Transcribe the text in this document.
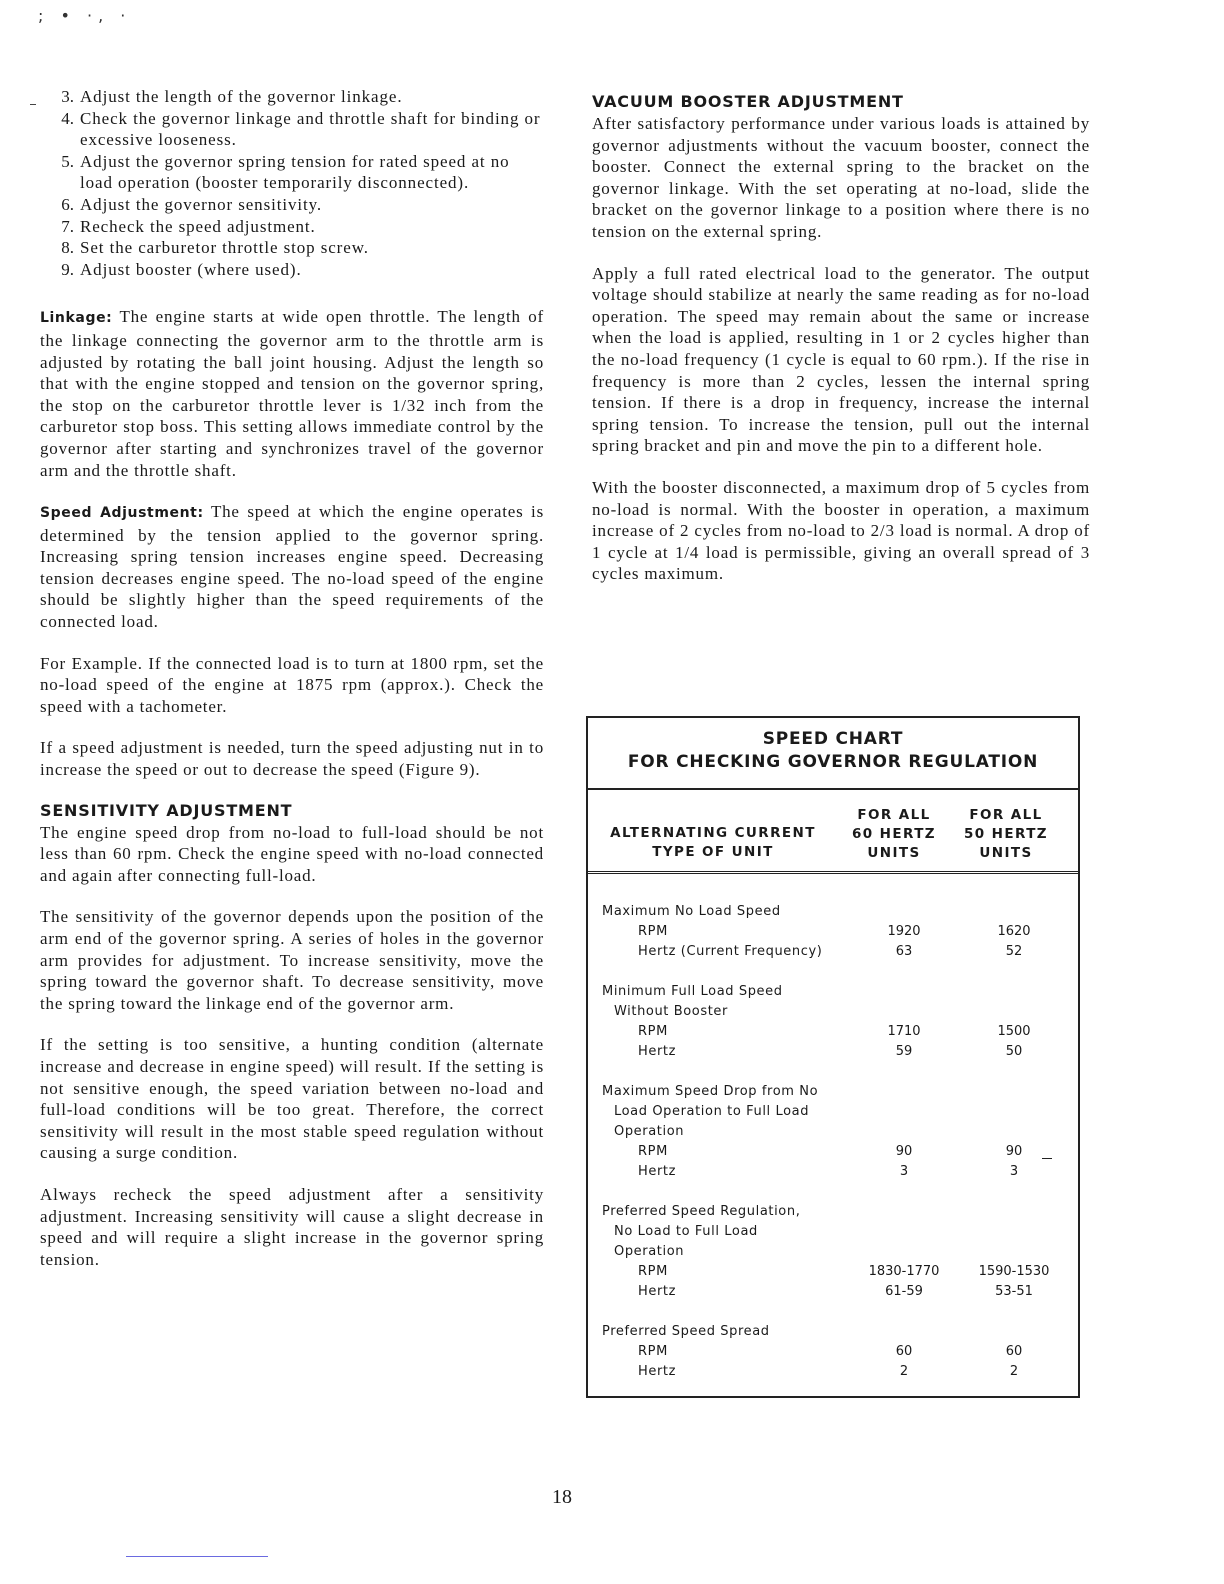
; • ·, ·
3. Adjust the length of the governor linkage.
4. Check the governor linkage and throttle shaft for binding or excessive looseness.
5. Adjust the governor spring tension for rated speed at no load operation (booster temporarily disconnected).
6. Adjust the governor sensitivity.
7. Recheck the speed adjustment.
8. Set the carburetor throttle stop screw.
9. Adjust booster (where used).

Linkage: The engine starts at wide open throttle. The length of the linkage connecting the governor arm to the throttle arm is adjusted by rotating the ball joint housing. Adjust the length so that with the engine stopped and tension on the governor spring, the stop on the carburetor throttle lever is 1/32 inch from the carburetor stop boss. This setting allows immediate control by the governor after starting and synchronizes travel of the governor arm and the throttle shaft.

Speed Adjustment: The speed at which the engine operates is determined by the tension applied to the governor spring. Increasing spring tension increases engine speed. Decreasing tension decreases engine speed. The no-load speed of the engine should be slightly higher than the speed requirements of the connected load.

For Example. If the connected load is to turn at 1800 rpm, set the no-load speed of the engine at 1875 rpm (approx.). Check the speed with a tachometer.

If a speed adjustment is needed, turn the speed adjusting nut in to increase the speed or out to decrease the speed (Figure 9).

SENSITIVITY ADJUSTMENT

The engine speed drop from no-load to full-load should be not less than 60 rpm. Check the engine speed with no-load connected and again after connecting full-load.

The sensitivity of the governor depends upon the position of the arm end of the governor spring. A series of holes in the governor arm provides for adjustment. To increase sensitivity, move the spring toward the governor shaft. To decrease sensitivity, move the spring toward the linkage end of the governor arm.

If the setting is too sensitive, a hunting condition (alternate increase and decrease in engine speed) will result. If the setting is not sensitive enough, the speed variation between no-load and full-load conditions will be too great. Therefore, the correct sensitivity will result in the most stable speed regulation without causing a surge condition.

Always recheck the speed adjustment after a sensitivity adjustment. Increasing sensitivity will cause a slight decrease in speed and will require a slight increase in the governor spring tension.

VACUUM BOOSTER ADJUSTMENT

After satisfactory performance under various loads is attained by governor adjustments without the vacuum booster, connect the booster. Connect the external spring to the bracket on the governor linkage. With the set operating at no-load, slide the bracket on the governor linkage to a position where there is no tension on the external spring.

Apply a full rated electrical load to the generator. The output voltage should stabilize at nearly the same reading as for no-load operation. The speed may remain about the same or increase when the load is applied, resulting in 1 or 2 cycles higher than the no-load frequency (1 cycle is equal to 60 rpm.). If the rise in frequency is more than 2 cycles, lessen the internal spring tension. If there is a drop in frequency, increase the internal spring tension. To increase the tension, pull out the internal spring bracket and pin and move the pin to a different hole.

With the booster disconnected, a maximum drop of 5 cycles from no-load is normal. With the booster in operation, a maximum increase of 2 cycles from no-load to 2/3 load is normal. A drop of 1 cycle at 1/4 load is permissible, giving an overall spread of 3 cycles maximum.

SPEED CHART
FOR CHECKING GOVERNOR REGULATION
ALTERNATING CURRENT
TYPE OF UNIT
FOR ALL
60 HERTZ
UNITS
FOR ALL
50 HERTZ
UNITS
Maximum No Load Speed
RPM	1920	1620
Hertz (Current Frequency)	63	52
Minimum Full Load Speed
Without Booster
RPM	1710	1500
Hertz	59	50
Maximum Speed Drop from No
Load Operation to Full Load
Operation
RPM	90	90
Hertz	3	3
Preferred Speed Regulation,
No Load to Full Load
Operation
RPM	1830-1770	1590-1530
Hertz	61-59	53-51
Preferred Speed Spread
RPM	60	60
Hertz	2	2
18
